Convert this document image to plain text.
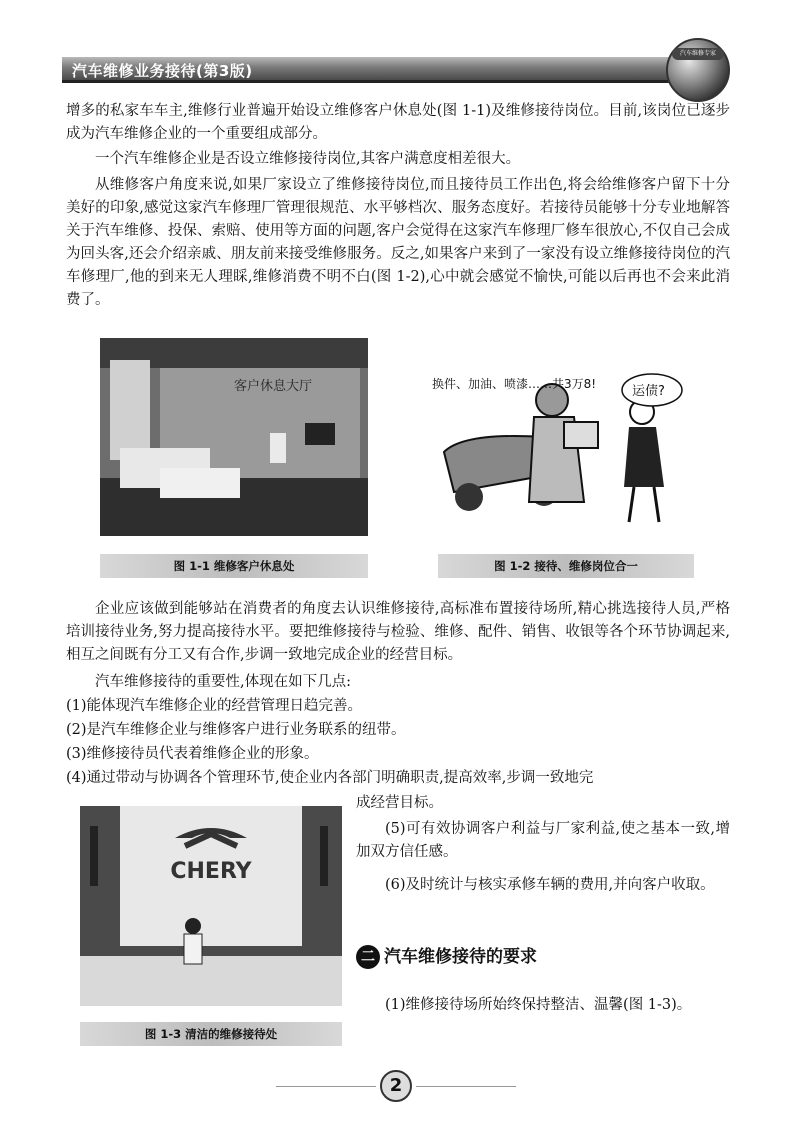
汽车维修业务接待(第3版)
汽车维修专家
增多的私家车车主,维修行业普遍开始设立维修客户休息处(图 1-1)及维修接待岗位。目前,该岗位已逐步成为汽车维修企业的一个重要组成部分。
一个汽车维修企业是否设立维修接待岗位,其客户满意度相差很大。
从维修客户角度来说,如果厂家设立了维修接待岗位,而且接待员工作出色,将会给维修客户留下十分美好的印象,感觉这家汽车修理厂管理很规范、水平够档次、服务态度好。若接待员能够十分专业地解答关于汽车维修、投保、索赔、使用等方面的问题,客户会觉得在这家汽车修理厂修车很放心,不仅自己会成为回头客,还会介绍亲戚、朋友前来接受维修服务。反之,如果客户来到了一家没有设立维修接待岗位的汽车修理厂,他的到来无人理睬,维修消费不明不白(图 1-2),心中就会感觉不愉快,可能以后再也不会来此消费了。
客户休息大厅
图 1-1 维修客户休息处
换件、加油、喷漆……共3万8!	运债?
图 1-2 接待、维修岗位合一
企业应该做到能够站在消费者的角度去认识维修接待,高标准布置接待场所,精心挑选接待人员,严格培训接待业务,努力提高接待水平。要把维修接待与检验、维修、配件、销售、收银等各个环节协调起来,相互之间既有分工又有合作,步调一致地完成企业的经营目标。
汽车维修接待的重要性,体现在如下几点:
(1)能体现汽车维修企业的经营管理日趋完善。
(2)是汽车维修企业与维修客户进行业务联系的纽带。
(3)维修接待员代表着维修企业的形象。
(4)通过带动与协调各个管理环节,使企业内各部门明确职责,提高效率,步调一致地完
成经营目标。
(5)可有效协调客户利益与厂家利益,使之基本一致,增加双方信任感。
(6)及时统计与核实承修车辆的费用,并向客户收取。
CHERY
图 1-3 清洁的维修接待处
二 汽车维修接待的要求
(1)维修接待场所始终保持整洁、温馨(图 1-3)。
2
